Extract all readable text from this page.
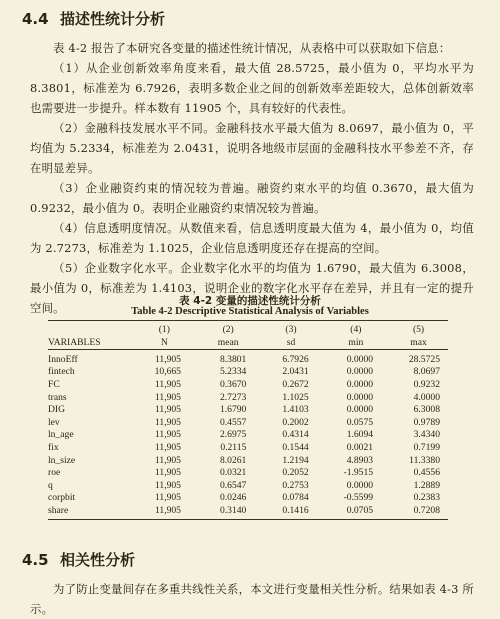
4.4 描述性统计分析
表 4-2 报告了本研究各变量的描述性统计情况，从表格中可以获取如下信息：
（1）从企业创新效率角度来看，最大值 28.5725，最小值为 0，平均水平为 8.3801，标准差为 6.7926，表明多数企业之间的创新效率差距较大，总体创新效率也需要进一步提升。样本数有 11905 个，具有较好的代表性。
（2）金融科技发展水平不同。金融科技水平最大值为 8.0697，最小值为 0，平均值为 5.2334，标准差为 2.0431，说明各地级市层面的金融科技水平参差不齐，存在明显差异。
（3）企业融资约束的情况较为普遍。融资约束水平的均值 0.3670，最大值为 0.9232，最小值为 0。表明企业融资约束情况较为普遍。
（4）信息透明度情况。从数值来看，信息透明度最大值为 4，最小值为 0，均值为 2.7273，标准差为 1.1025，企业信息透明度还存在提高的空间。
（5）企业数字化水平。企业数字化水平的均值为 1.6790，最大值为 6.3008，最小值为 0，标准差为 1.4103，说明企业的数字化水平存在差异，并且有一定的提升空间。	表 4-2 变量的描述性统计分析
Table 4-2 Descriptive Statistical Analysis of Variables
	(1)	(2)	(3)	(4)	(5)
VARIABLES	N	mean	sd	min	max
InnoEff	11,905	8.3801	6.7926	0.0000	28.5725
fintech	10,665	5.2334	2.0431	0.0000	8.0697
FC	11,905	0.3670	0.2672	0.0000	0.9232
trans	11,905	2.7273	1.1025	0.0000	4.0000
DIG	11,905	1.6790	1.4103	0.0000	6.3008
lev	11,905	0.4557	0.2002	0.0575	0.9789
ln_age	11,905	2.6975	0.4314	1.6094	3.4340
fix	11,905	0.2115	0.1544	0.0021	0.7199
ln_size	11,905	8.0261	1.2194	4.8903	11.3380
roe	11,905	0.0321	0.2052	-1.9515	0.4556
q	11,905	0.6547	0.2753	0.0000	1.2889
corpbit	11,905	0.0246	0.0784	-0.5599	0.2383
share	11,905	0.3140	0.1416	0.0705	0.7208
4.5 相关性分析
为了防止变量间存在多重共线性关系，本文进行变量相关性分析。结果如表 4-3 所示。
